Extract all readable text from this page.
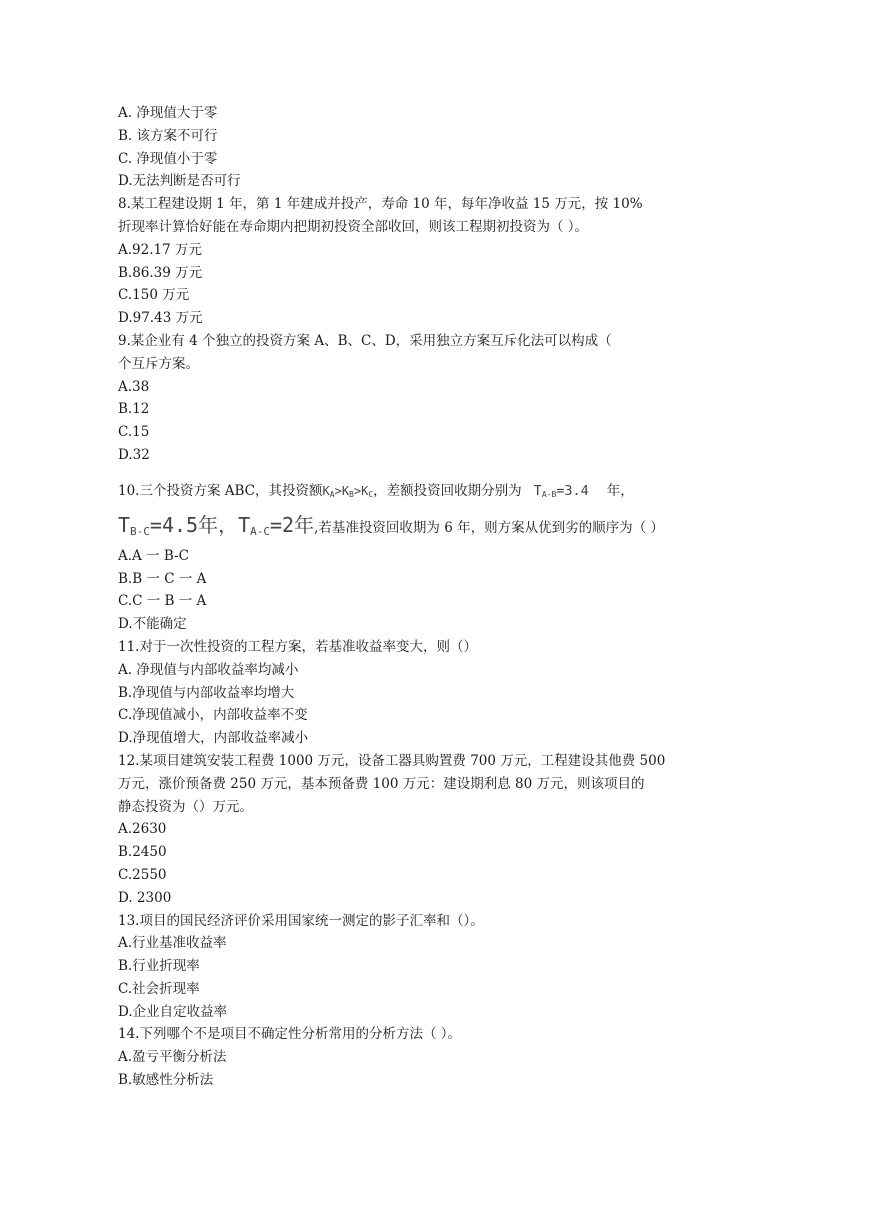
A. 净现值大于零
B. 该方案不可行
C. 净现值小于零
D.无法判断是否可行
8.某工程建设期 1 年，第 1 年建成并投产，寿命 10 年，每年净收益 15 万元，按 10%
折现率计算恰好能在寿命期内把期初投资全部收回，则该工程期初投资为（ ）。
A.92.17 万元
B.86.39 万元
C.150 万元
D.97.43 万元
9.某企业有 4 个独立的投资方案 A、B、C、D，采用独立方案互斥化法可以构成（
个互斥方案。
A.38
B.12
C.15
D.32
10.三个投资方案 ABC，其投资额$K_A>K_B>K_C$，差额投资回收期分别为 $T_{A-B}=3.4$ 年，
TB-C=4.5年，TA-C=2年,若基准投资回收期为 6 年，则方案从优到劣的顺序为（ ）
A.A 一 B-C
B.B 一 C 一 A
C.C 一 B 一 A
D.不能确定
11.对于一次性投资的工程方案，若基准收益率变大，则（）
A. 净现值与内部收益率均减小
B.净现值与内部收益率均增大
C.净现值减小，内部收益率不变
D.净现值增大，内部收益率减小
12.某项目建筑安装工程费 1000 万元，设备工器具购置费 700 万元，工程建设其他费 500
万元，涨价预备费 250 万元，基本预备费 100 万元：建设期利息 80 万元，则该项目的
静态投资为（）万元。
A.2630
B.2450
C.2550
D. 2300
13.项目的国民经济评价采用国家统一测定的影子汇率和（）。
A.行业基准收益率
B.行业折现率
C.社会折现率
D.企业自定收益率
14.下列哪个不是项目不确定性分析常用的分析方法（ ）。
A.盈亏平衡分析法
B.敏感性分析法
